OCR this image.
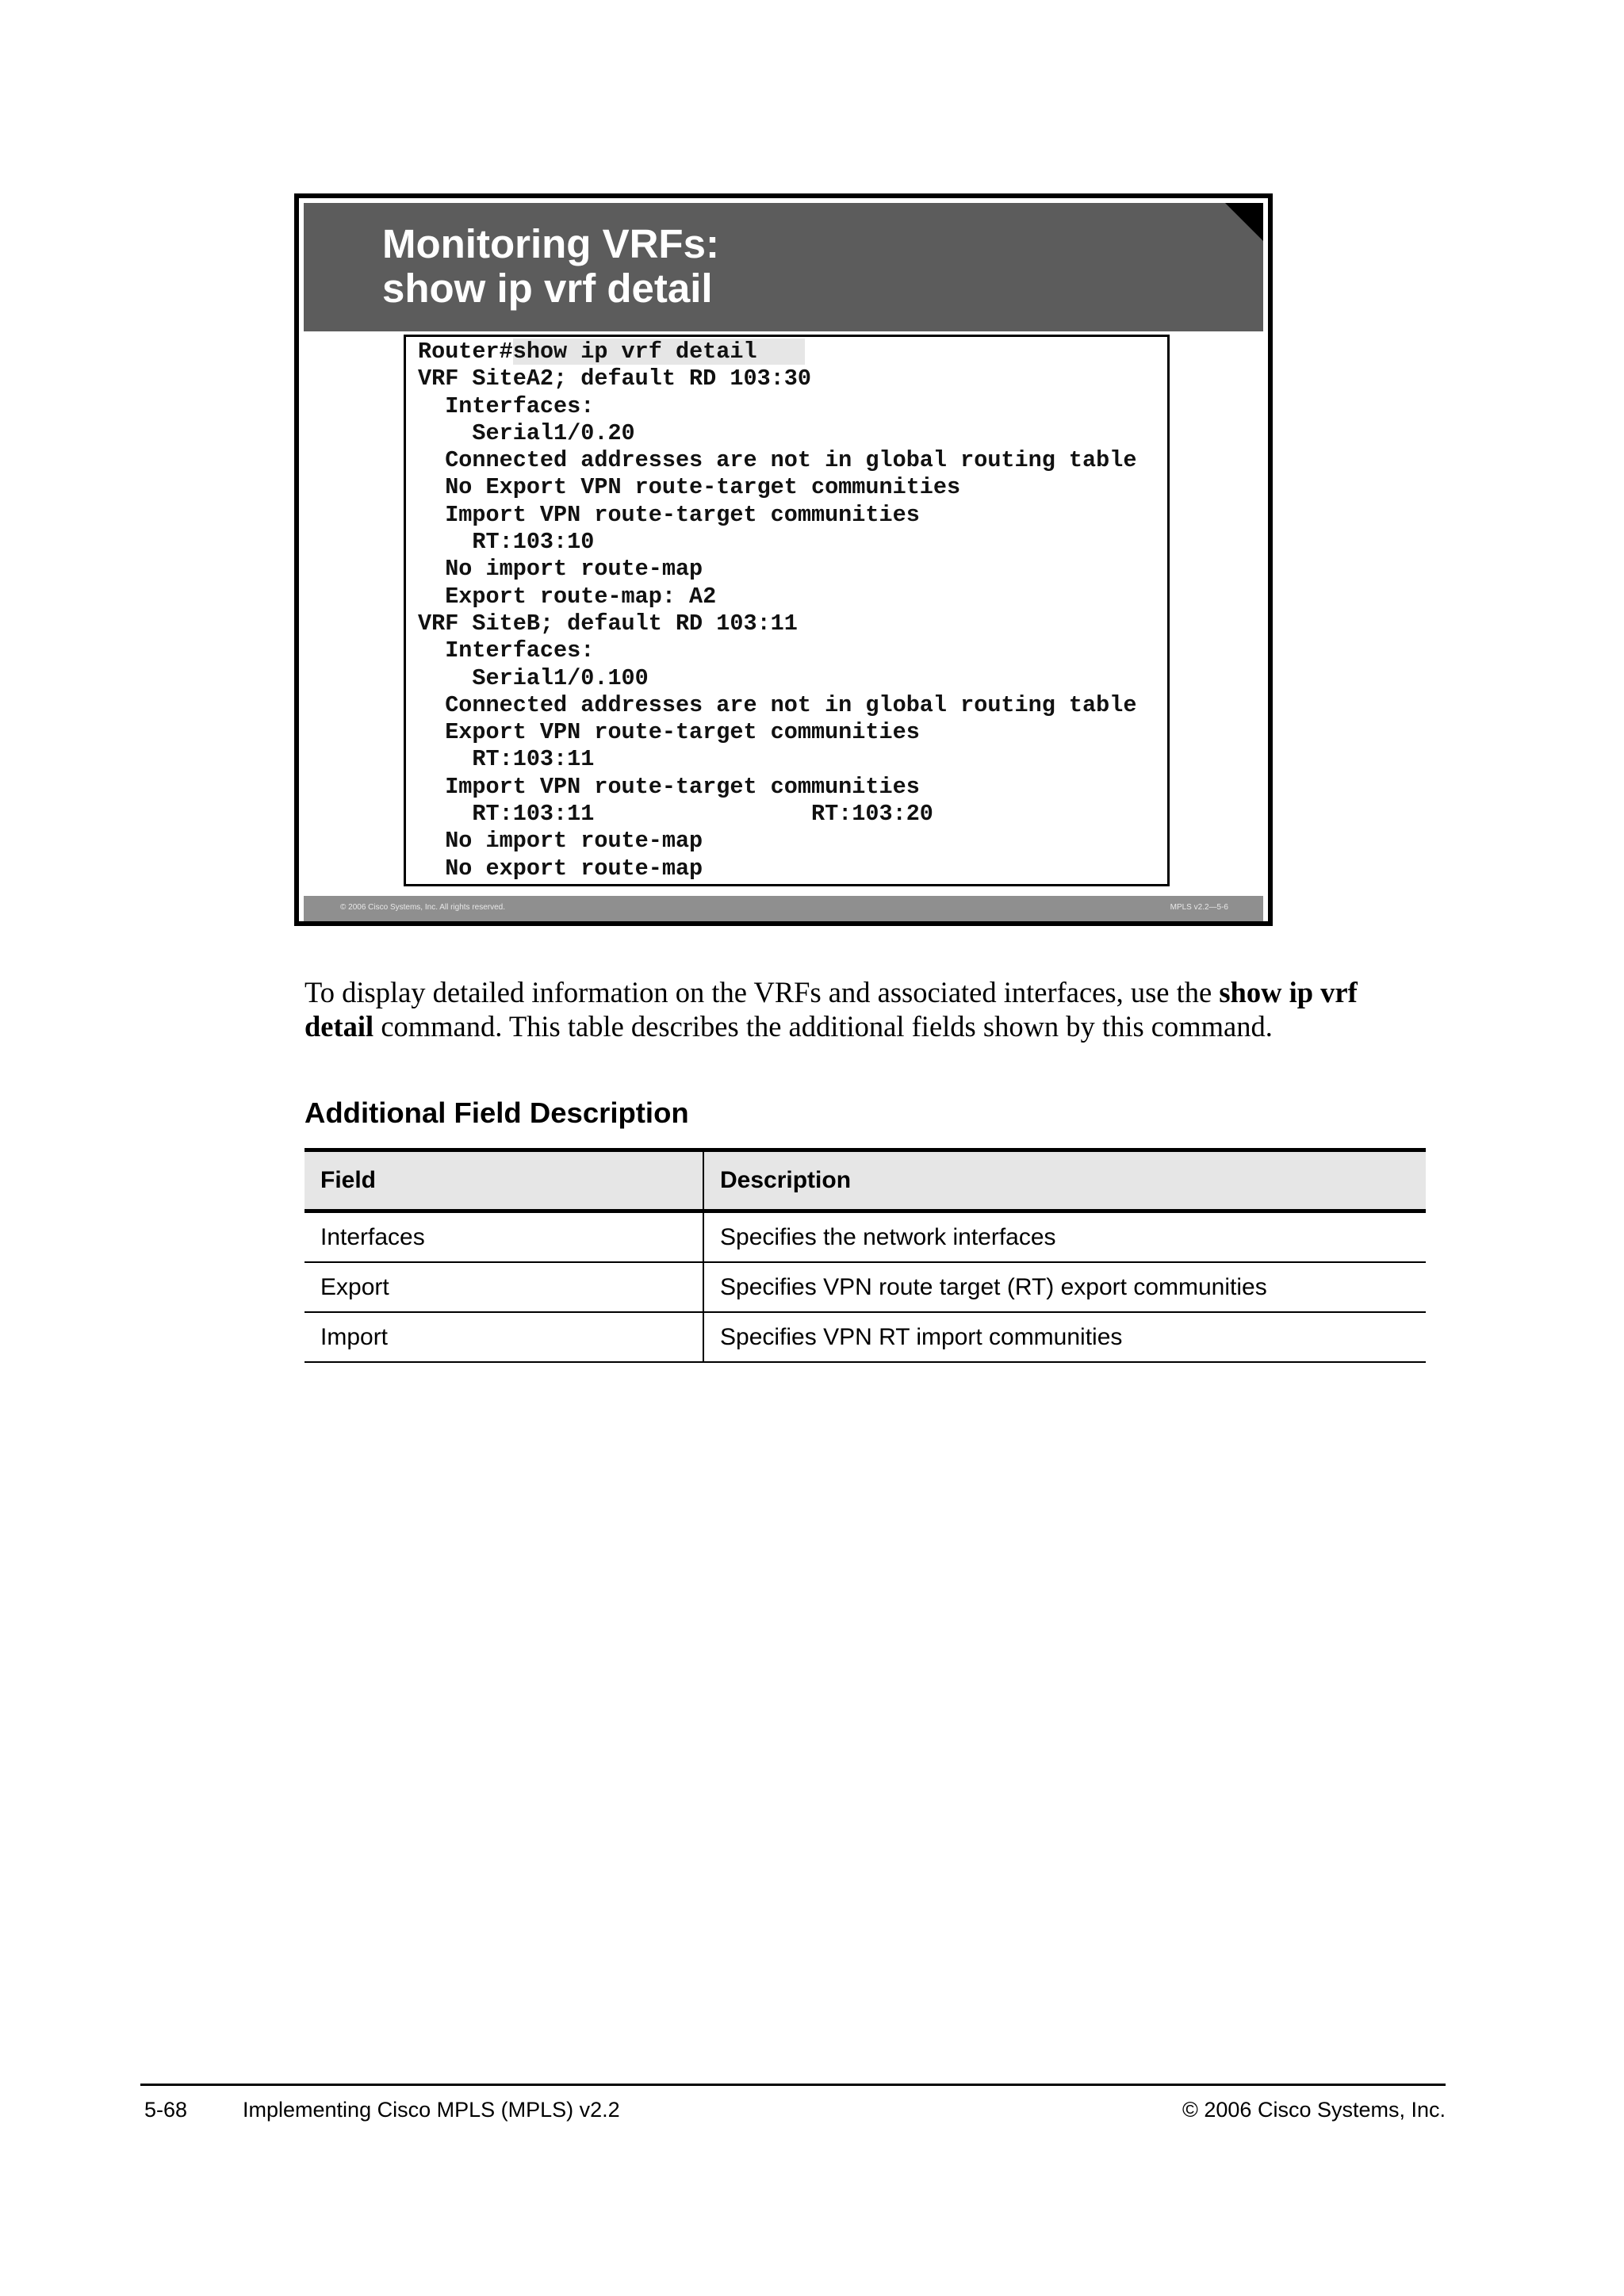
Monitoring VRFs:
show ip vrf detail
Router#show ip vrf detail
VRF SiteA2; default RD 103:30
Interfaces:
Serial1/0.20
Connected addresses are not in global routing table
No Export VPN route-target communities
Import VPN route-target communities
RT:103:10
No import route-map
Export route-map: A2
VRF SiteB; default RD 103:11
Interfaces:
Serial1/0.100
Connected addresses are not in global routing table
Export VPN route-target communities
RT:103:11
Import VPN route-target communities
RT:103:11                RT:103:20
No import route-map
No export route-map
© 2006 Cisco Systems, Inc. All rights reserved.	MPLS v2.2—5-6

To display detailed information on the VRFs and associated interfaces, use the show ip vrf detail command. This table describes the additional fields shown by this command.

Additional Field Description
Field	Description
Interfaces	Specifies the network interfaces
Export	Specifies VPN route target (RT) export communities
Import	Specifies VPN RT import communities
5-68	Implementing Cisco MPLS (MPLS) v2.2	© 2006 Cisco Systems, Inc.
